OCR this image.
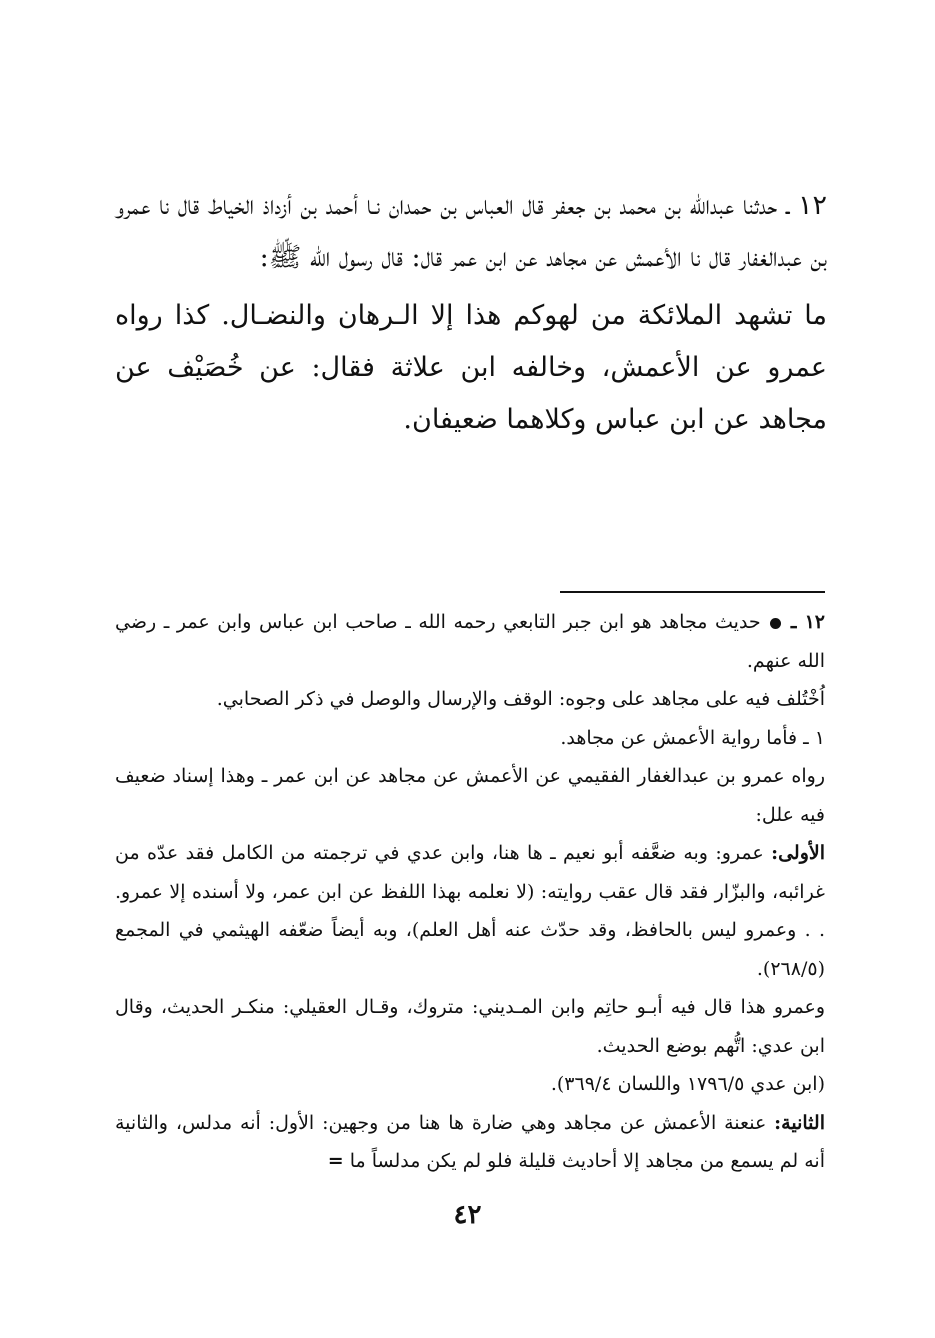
١٢ ـ حدثنا عبدالله بن محمد بن جعفر قال العباس بن حمدان نـا أحمد بن أزداذ الخياط قال نا عمرو بن عبدالغفار قال نا الأعمش عن مجاهد عن ابن عمر قال: قال رسول الله ﷺ:

ما تشهد الملائكة من لهوكم هذا إلا الـرهان والنضـال. كذا رواه عمرو عن الأعمش، وخالفه ابن علاثة فقال: عن خُصَيْف عن مجاهد عن ابن عباس وكلاهما ضعيفان.

١٢ ـ  حديث مجاهد هو ابن جبر التابعي رحمه الله ـ صاحب ابن عباس وابن عمر ـ رضي الله عنهم.

اُخْتُلف فيه على مجاهد على وجوه: الوقف والإرسال والوصل في ذكر الصحابي.

١ ـ فأما رواية الأعمش عن مجاهد.

رواه عمرو بن عبدالغفار الفقيمي عن الأعمش عن مجاهد عن ابن عمر ـ وهذا إسناد ضعيف فيه علل:

الأولى: عمرو: وبه ضعَّفه أبو نعيم ـ ها هنا، وابن عدي في ترجمته من الكامل فقد عدّه من غرائبه، والبزّار فقد قال عقب روايته: (لا نعلمه بهذا اللفظ عن ابن عمر، ولا أسنده إلا عمرو. . . وعمرو ليس بالحافظ، وقد حدّث عنه أهل العلم)، وبه أيضاً ضعّفه الهيثمي في المجمع (٢٦٨/٥).

وعمرو هذا قال فيه أبـو حاتِم وابن المـديني: متروك، وقـال العقيلي: منكـر الحديث، وقال ابن عدي: اتُّهم بوضع الحديث.

(ابن عدي ١٧٩٦/٥ واللسان ٣٦٩/٤).

الثانية: عنعنة الأعمش عن مجاهد وهي ضارة ها هنا من وجهين: الأول: أنه مدلس، والثانية أنه لم يسمع من مجاهد إلا أحاديث قليلة فلو لم يكن مدلساً ما =

٤٢
